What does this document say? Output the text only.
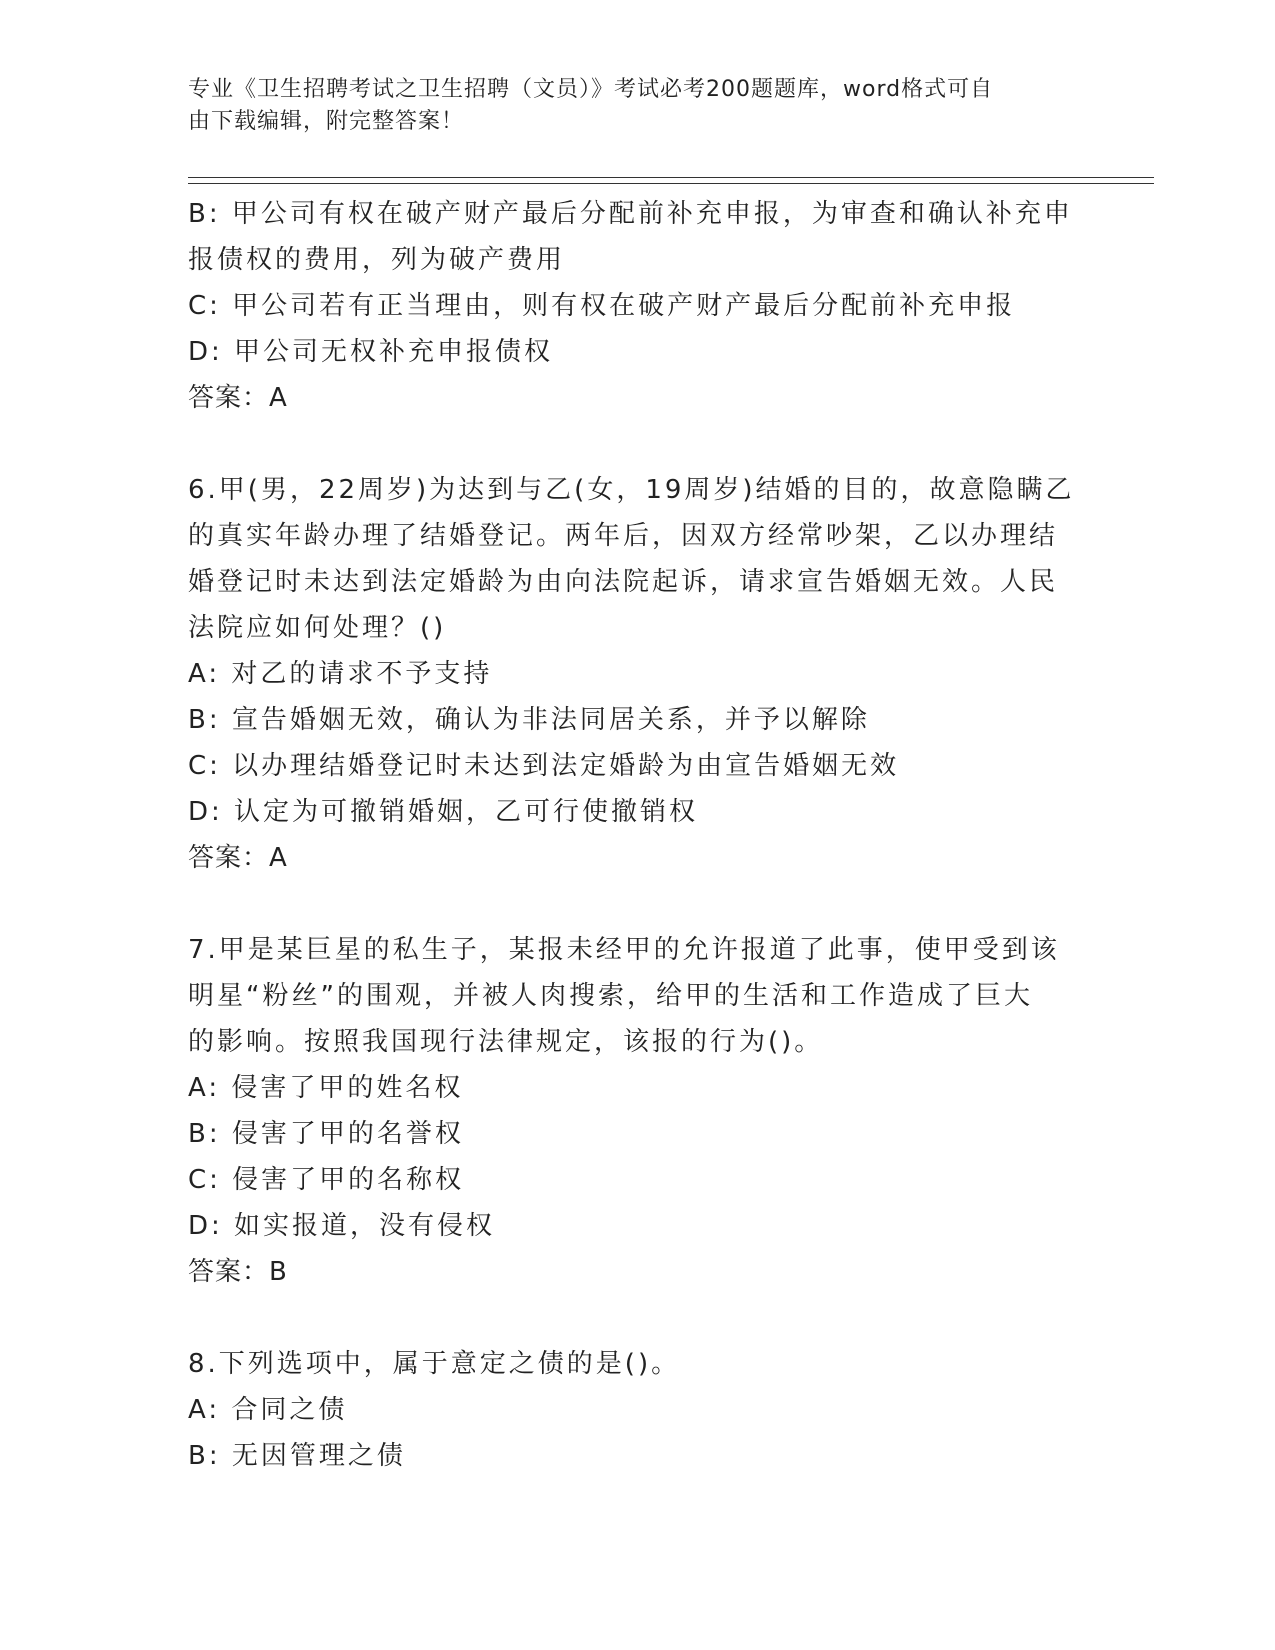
专业《卫生招聘考试之卫生招聘（文员）》考试必考200题题库，word格式可自
由下载编辑，附完整答案！
B: 甲公司有权在破产财产最后分配前补充申报，为审查和确认补充申
报债权的费用，列为破产费用
C: 甲公司若有正当理由，则有权在破产财产最后分配前补充申报
D: 甲公司无权补充申报债权
答案：A
6.甲(男，22周岁)为达到与乙(女，19周岁)结婚的目的，故意隐瞒乙
的真实年龄办理了结婚登记。两年后，因双方经常吵架，乙以办理结
婚登记时未达到法定婚龄为由向法院起诉，请求宣告婚姻无效。人民
法院应如何处理？()
A: 对乙的请求不予支持
B: 宣告婚姻无效，确认为非法同居关系，并予以解除
C: 以办理结婚登记时未达到法定婚龄为由宣告婚姻无效
D: 认定为可撤销婚姻，乙可行使撤销权
答案：A
7.甲是某巨星的私生子，某报未经甲的允许报道了此事，使甲受到该
明星“粉丝”的围观，并被人肉搜索，给甲的生活和工作造成了巨大
的影响。按照我国现行法律规定，该报的行为()。
A: 侵害了甲的姓名权
B: 侵害了甲的名誉权
C: 侵害了甲的名称权
D: 如实报道，没有侵权
答案：B
8.下列选项中，属于意定之债的是()。
A: 合同之债
B: 无因管理之债
